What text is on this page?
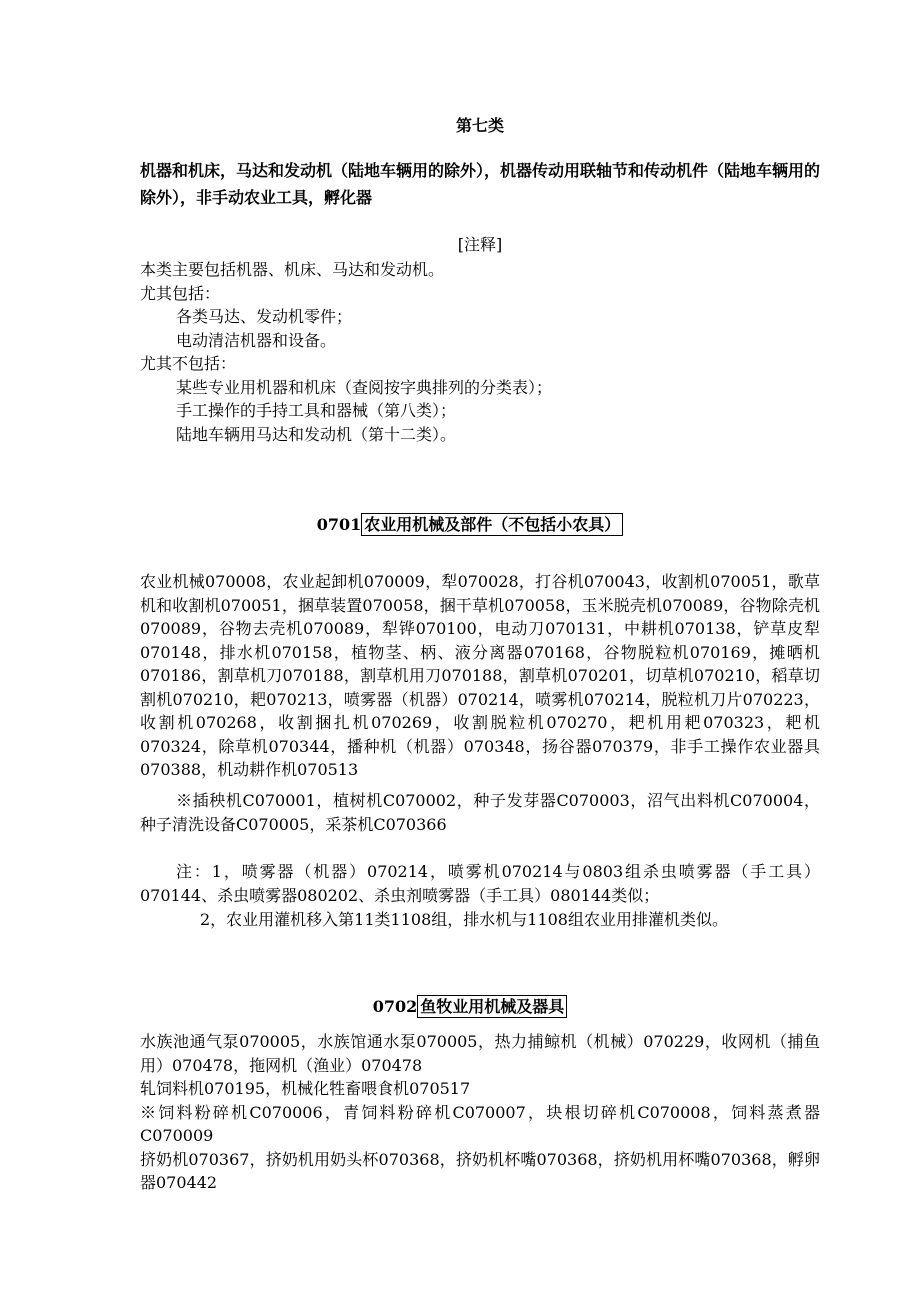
第七类
机器和机床，马达和发动机（陆地车辆用的除外），机器传动用联轴节和传动机件（陆地车辆用的除外），非手动农业工具，孵化器
[注释]

本类主要包括机器、机床、马达和发动机。

尤其包括：

各类马达、发动机零件；

电动清洁机器和设备。

尤其不包括：

某些专业用机器和机床（查阅按字典排列的分类表）；

手工操作的手持工具和器械（第八类）；

陆地车辆用马达和发动机（第十二类）。

0701 农业用机械及部件（不包括小农具）
农业机械070008，农业起卸机070009，犁070028，打谷机070043，收割机070051，歌草机和收割机070051，捆草装置070058，捆干草机070058，玉米脱壳机070089，谷物除壳机070089，谷物去壳机070089，犁铧070100，电动刀070131，中耕机070138，铲草皮犁070148，排水机070158，植物茎、柄、液分离器070168，谷物脱粒机070169，摊晒机070186，割草机刀070188，割草机用刀070188，割草机070201，切草机070210，稻草切割机070210，耙070213，喷雾器（机器）070214，喷雾机070214，脱粒机刀片070223，收割机070268，收割捆扎机070269，收割脱粒机070270，耙机用耙070323，耙机070324，除草机070344，播种机（机器）070348，扬谷器070379，非手工操作农业器具070388，机动耕作机070513
※插秧机C070001，植树机C070002，种子发芽器C070003，沼气出料机C070004，种子清洗设备C070005，采茶机C070366
注：1，喷雾器（机器）070214，喷雾机070214与0803组杀虫喷雾器（手工具）070144、杀虫喷雾器080202、杀虫剂喷雾器（手工具）080144类似；

2，农业用灌机移入第11类1108组，排水机与1108组农业用排灌机类似。

0702 鱼牧业用机械及器具

水族池通气泵070005，水族馆通水泵070005，热力捕鲸机（机械）070229，收网机（捕鱼用）070478，拖网机（渔业）070478

轧饲料机070195，机械化牲畜喂食机070517

※饲料粉碎机C070006，青饲料粉碎机C070007，块根切碎机C070008，饲料蒸煮器C070009

挤奶机070367，挤奶机用奶头杯070368，挤奶机杯嘴070368，挤奶机用杯嘴070368，孵卵器070442
